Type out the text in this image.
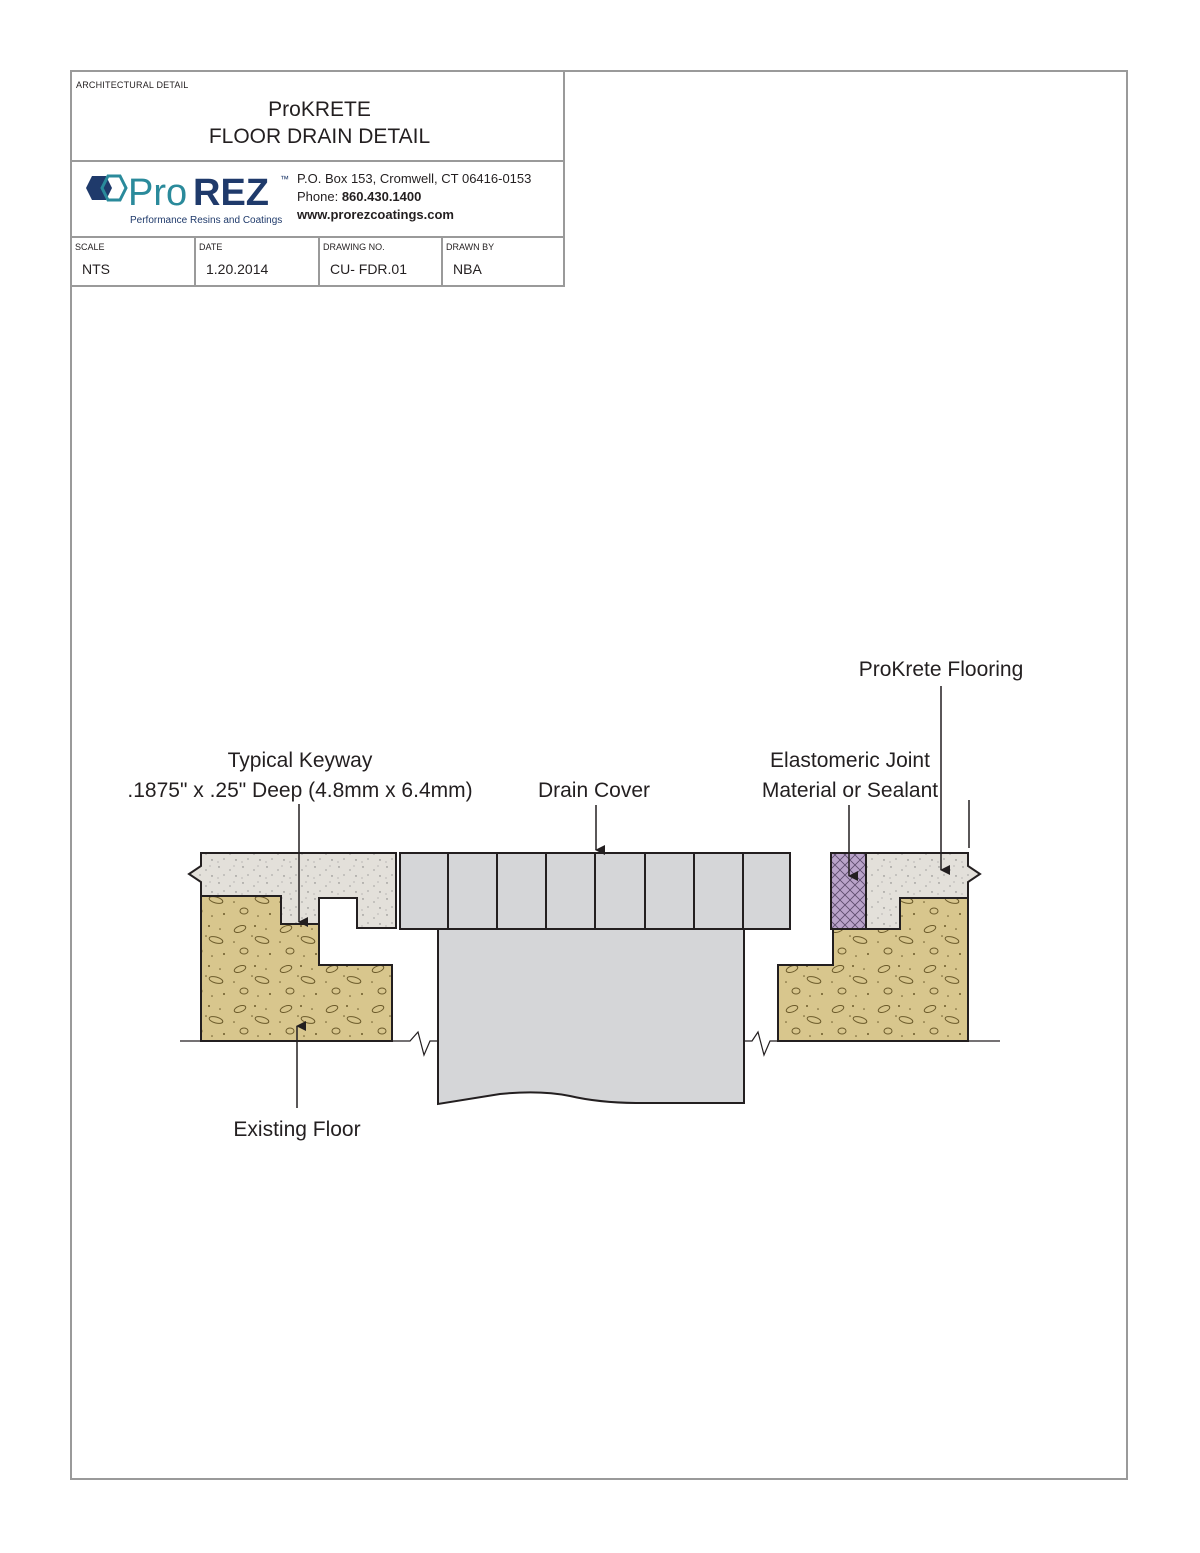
ARCHITECTURAL DETAIL
ProKRETE
FLOOR DRAIN DETAIL
Pro REZ ™
Performance Resins and Coatings
P.O. Box 153, Cromwell, CT 06416-0153
Phone: 860.430.1400
www.prorezcoatings.com
SCALE
NTS
DATE
1.20.2014
DRAWING NO.
CU- FDR.01
DRAWN BY
NBA
ProKrete Flooring
Typical Keyway
.1875" x .25" Deep (4.8mm x 6.4mm)	Drain Cover
Elastomeric Joint
Material or Sealant
Existing Floor
